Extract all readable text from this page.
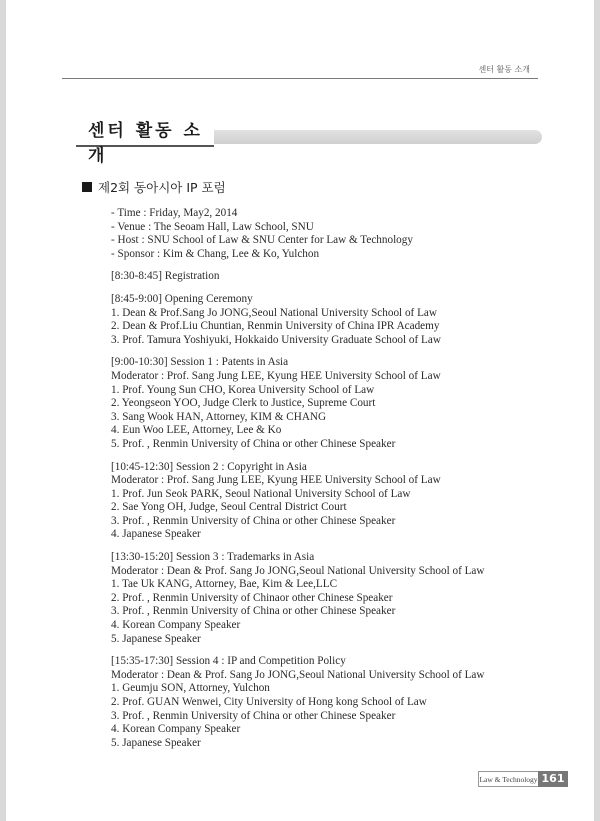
센터 활동 소개
센터 활동 소개
제2회 동아시아 IP 포럼
- Time : Friday, May2, 2014
- Venue : The Seoam Hall, Law School, SNU
- Host : SNU School of Law & SNU Center for Law & Technology
- Sponsor : Kim & Chang, Lee & Ko, Yulchon
[8:30-8:45] Registration
[8:45-9:00] Opening Ceremony
1. Dean & Prof.Sang Jo JONG,Seoul National University School of Law
2. Dean & Prof.Liu Chuntian, Renmin University of China IPR Academy
3. Prof. Tamura Yoshiyuki, Hokkaido University Graduate School of Law
[9:00-10:30] Session 1 : Patents in Asia
Moderator : Prof. Sang Jung LEE, Kyung HEE University School of Law
1. Prof. Young Sun CHO, Korea University School of Law
2. Yeongseon YOO, Judge Clerk to Justice, Supreme Court
3. Sang Wook HAN, Attorney, KIM & CHANG
4. Eun Woo LEE, Attorney, Lee & Ko
5. Prof. , Renmin University of China or other Chinese Speaker
[10:45-12:30] Session 2 : Copyright in Asia
Moderator : Prof. Sang Jung LEE, Kyung HEE University School of Law
1. Prof. Jun Seok PARK, Seoul National University School of Law
2. Sae Yong OH, Judge, Seoul Central District Court
3. Prof. , Renmin University of China or other Chinese Speaker
4. Japanese Speaker
[13:30-15:20] Session 3 : Trademarks in Asia
Moderator : Dean & Prof. Sang Jo JONG,Seoul National University School of Law
1. Tae Uk KANG, Attorney, Bae, Kim & Lee,LLC
2. Prof. , Renmin University of Chinaor other Chinese Speaker
3. Prof. , Renmin University of China or other Chinese Speaker
4. Korean Company Speaker
5. Japanese Speaker
[15:35-17:30] Session 4 : IP and Competition Policy
Moderator : Dean & Prof. Sang Jo JONG,Seoul National University School of Law
1. Geumju SON, Attorney, Yulchon
2. Prof. GUAN Wenwei, City University of Hong kong School of Law
3. Prof. , Renmin University of China or other Chinese Speaker
4. Korean Company Speaker
5. Japanese Speaker
Law & Technology 161
